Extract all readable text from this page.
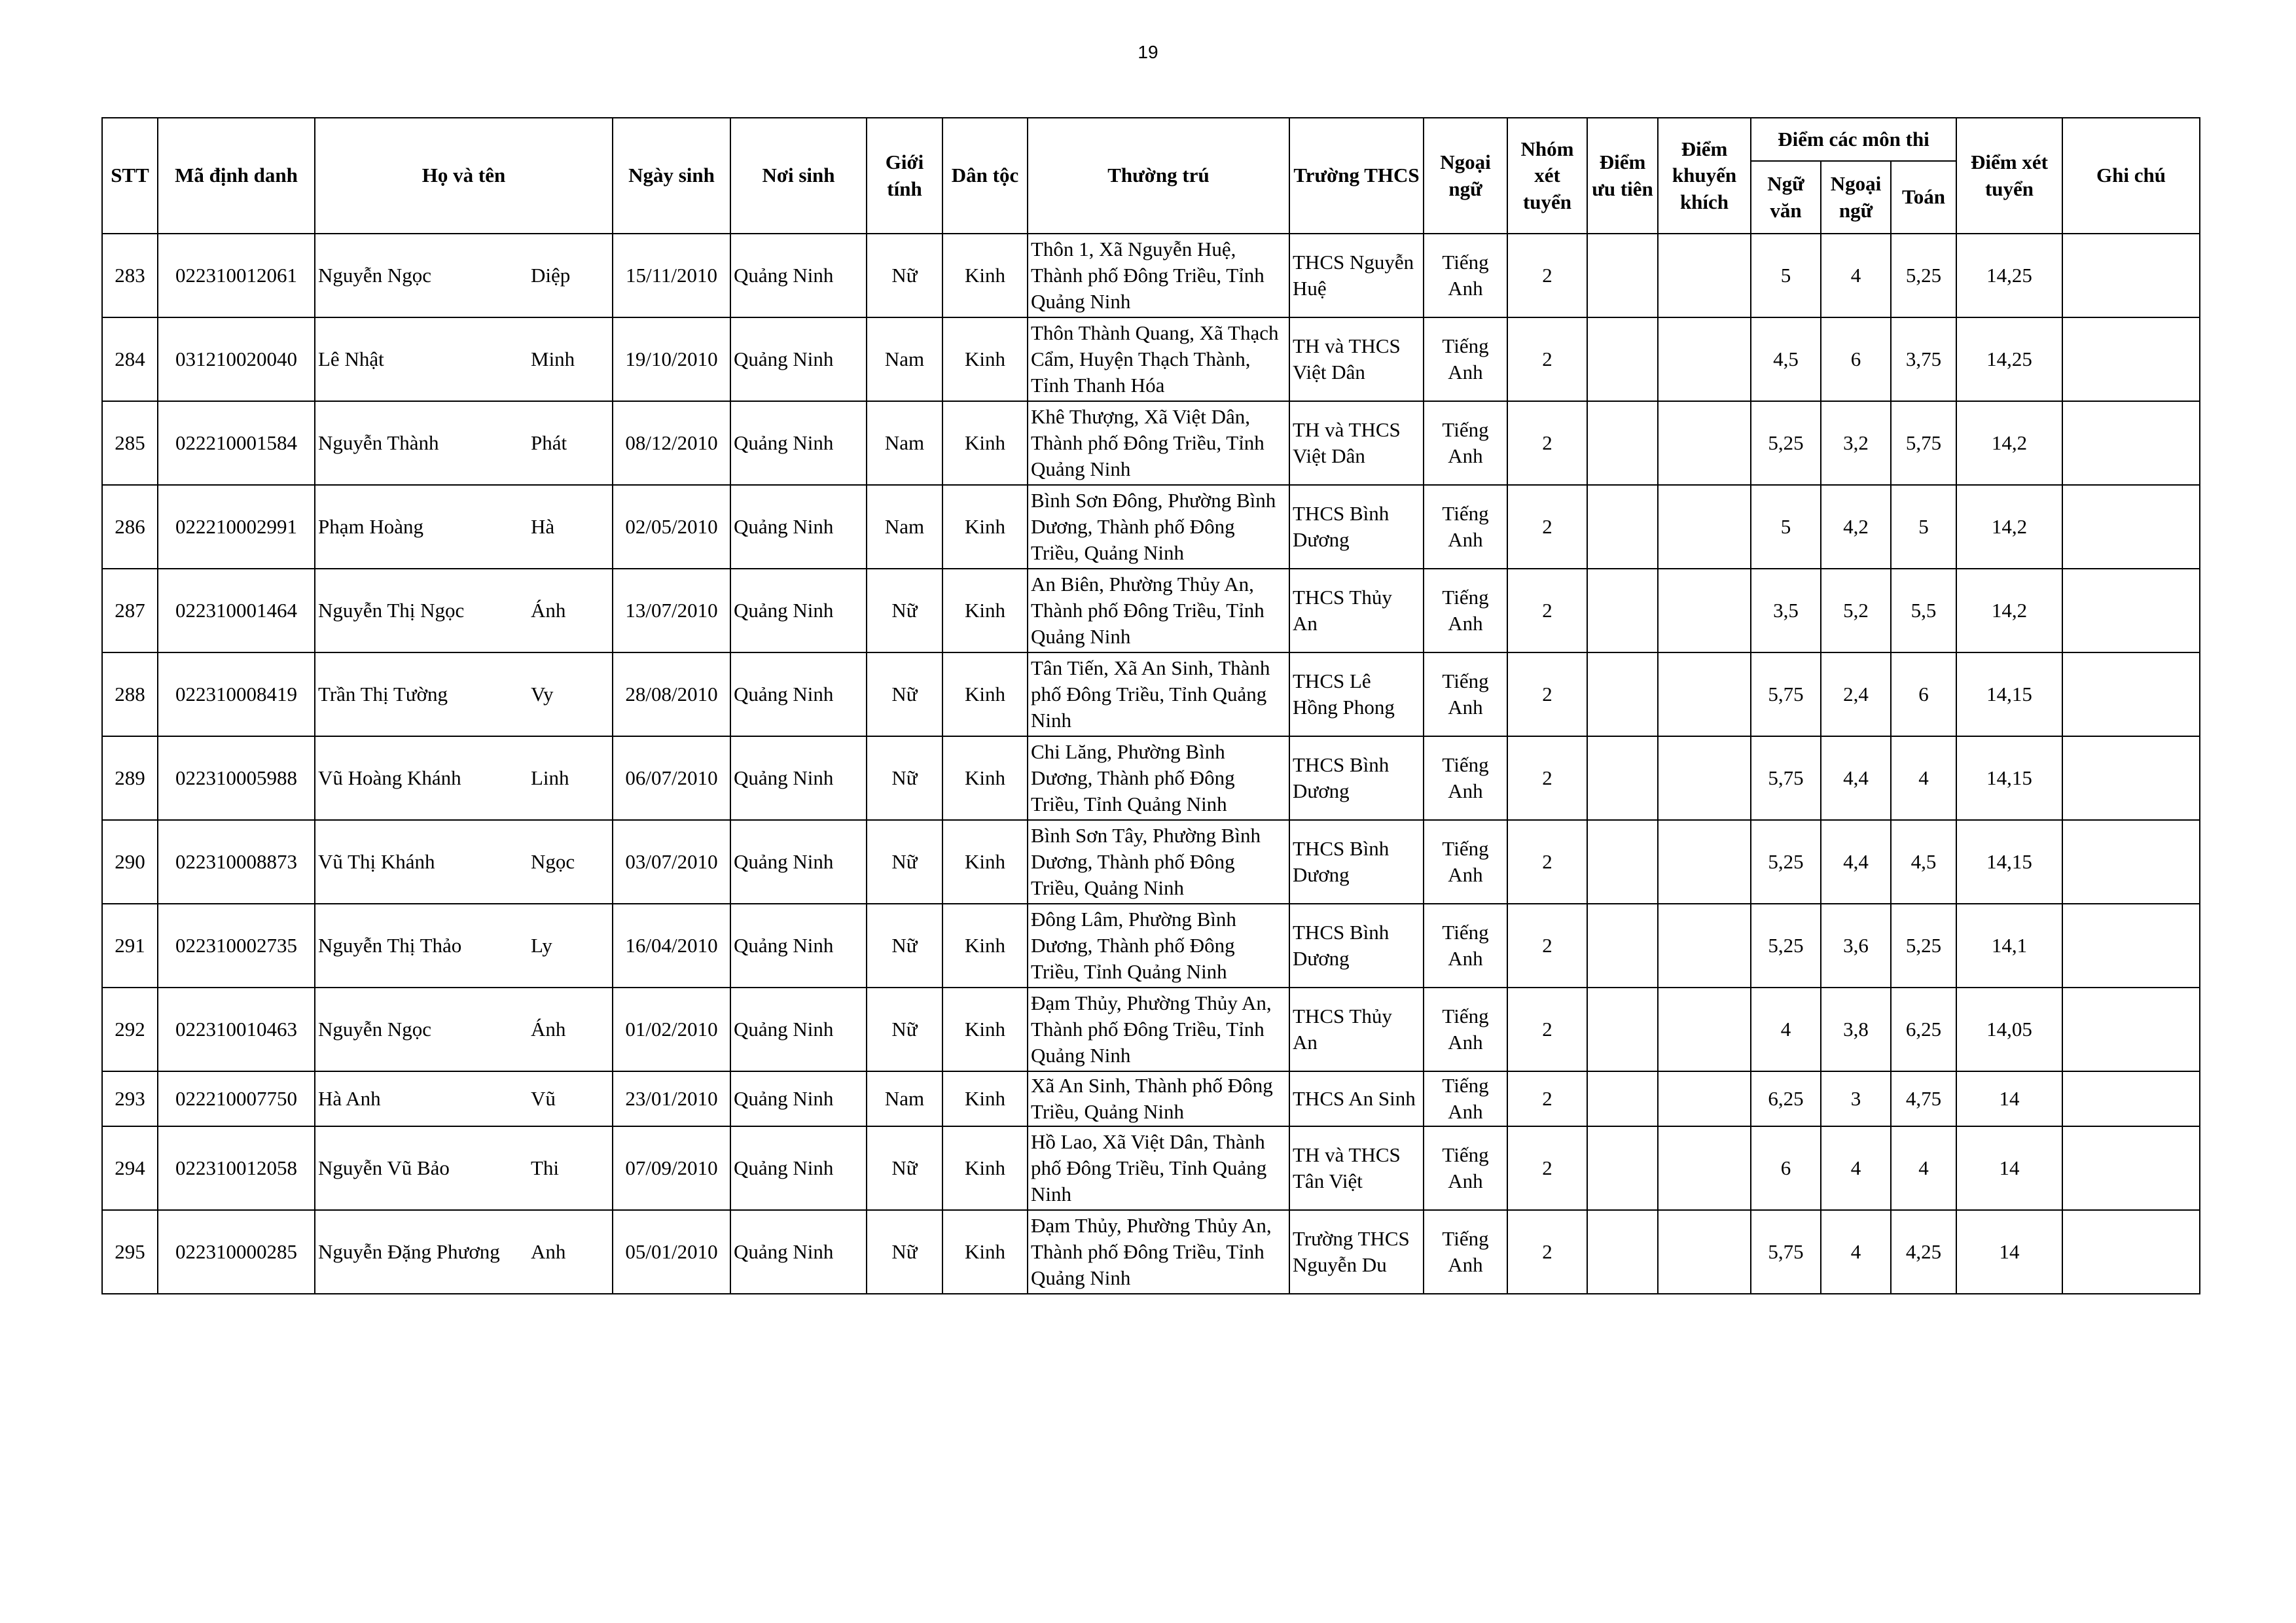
19
STT	Mã định danh	Họ và tên	Ngày sinh	Nơi sinh	Giới tính	Dân tộc	Thường trú	Trường THCS	Ngoại ngữ	Nhóm xét tuyển	Điểm ưu tiên	Điểm khuyến khích	Điểm các môn thi			Điểm xét tuyển	Ghi chú
													Ngữ văn	Ngoại ngữ	Toán		
283	022310012061	Nguyễn Ngọc Diệp	15/11/2010	Quảng Ninh	Nữ	Kinh	Thôn 1, Xã Nguyễn Huệ, Thành phố Đông Triều, Tỉnh Quảng Ninh	THCS Nguyễn Huệ	Tiếng Anh	2			5	4	5,25	14,25	
284	031210020040	Lê Nhật Minh	19/10/2010	Quảng Ninh	Nam	Kinh	Thôn Thành Quang, Xã Thạch Cẩm, Huyện Thạch Thành, Tỉnh Thanh Hóa	TH và THCS Việt Dân	Tiếng Anh	2			4,5	6	3,75	14,25	
285	022210001584	Nguyễn Thành Phát	08/12/2010	Quảng Ninh	Nam	Kinh	Khê Thượng, Xã Việt Dân, Thành phố Đông Triều, Tỉnh Quảng Ninh	TH và THCS Việt Dân	Tiếng Anh	2			5,25	3,2	5,75	14,2	
286	022210002991	Phạm Hoàng Hà	02/05/2010	Quảng Ninh	Nam	Kinh	Bình Sơn Đông, Phường Bình Dương, Thành phố Đông Triều, Quảng Ninh	THCS Bình Dương	Tiếng Anh	2			5	4,2	5	14,2	
287	022310001464	Nguyễn Thị Ngọc Ánh	13/07/2010	Quảng Ninh	Nữ	Kinh	An Biên, Phường Thủy An, Thành phố Đông Triều, Tỉnh Quảng Ninh	THCS Thủy An	Tiếng Anh	2			3,5	5,2	5,5	14,2	
288	022310008419	Trần Thị Tường Vy	28/08/2010	Quảng Ninh	Nữ	Kinh	Tân Tiến, Xã An Sinh, Thành phố Đông Triều, Tỉnh Quảng Ninh	THCS Lê Hồng Phong	Tiếng Anh	2			5,75	2,4	6	14,15	
289	022310005988	Vũ Hoàng Khánh Linh	06/07/2010	Quảng Ninh	Nữ	Kinh	Chi Lăng, Phường Bình Dương, Thành phố Đông Triều, Tỉnh Quảng Ninh	THCS Bình Dương	Tiếng Anh	2			5,75	4,4	4	14,15	
290	022310008873	Vũ Thị Khánh Ngọc	03/07/2010	Quảng Ninh	Nữ	Kinh	Bình Sơn Tây, Phường Bình Dương, Thành phố Đông Triều, Quảng Ninh	THCS Bình Dương	Tiếng Anh	2			5,25	4,4	4,5	14,15	
291	022310002735	Nguyễn Thị Thảo Ly	16/04/2010	Quảng Ninh	Nữ	Kinh	Đông Lâm, Phường Bình Dương, Thành phố Đông Triều, Tỉnh Quảng Ninh	THCS Bình Dương	Tiếng Anh	2			5,25	3,6	5,25	14,1	
292	022310010463	Nguyễn Ngọc Ánh	01/02/2010	Quảng Ninh	Nữ	Kinh	Đạm Thủy, Phường Thủy An, Thành phố Đông Triều, Tỉnh Quảng Ninh	THCS Thủy An	Tiếng Anh	2			4	3,8	6,25	14,05	
293	022210007750	Hà Anh Vũ	23/01/2010	Quảng Ninh	Nam	Kinh	Xã An Sinh, Thành phố Đông Triều, Quảng Ninh	THCS An Sinh	Tiếng Anh	2			6,25	3	4,75	14	
294	022310012058	Nguyễn Vũ Bảo Thi	07/09/2010	Quảng Ninh	Nữ	Kinh	Hồ Lao, Xã Việt Dân, Thành phố Đông Triều, Tỉnh Quảng Ninh	TH và THCS Tân Việt	Tiếng Anh	2			6	4	4	14	
295	022310000285	Nguyễn Đặng Phương Anh	05/01/2010	Quảng Ninh	Nữ	Kinh	Đạm Thủy, Phường Thủy An, Thành phố Đông Triều, Tỉnh Quảng Ninh	Trường THCS Nguyễn Du	Tiếng Anh	2			5,75	4	4,25	14	
